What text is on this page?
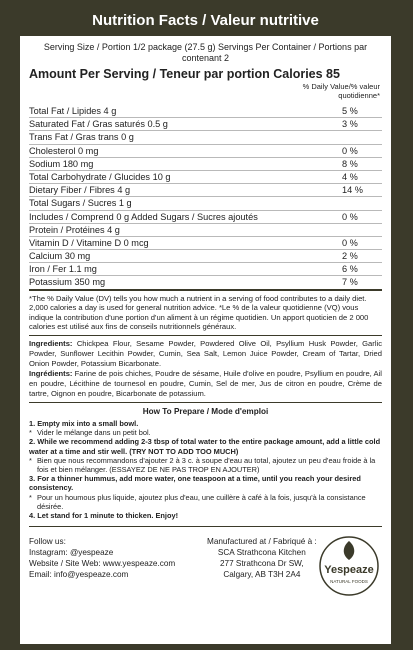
Nutrition Facts / Valeur nutritive
Serving Size / Portion 1/2 package (27.5 g) Servings Per Container / Portions par contenant 2
Amount Per Serving / Teneur par portion Calories 85
% Daily Value/% valeur
quotidienne*
Total Fat / Lipides 4 g	5 %
Saturated Fat / Gras saturés 0.5 g	3 %
Trans Fat / Gras trans 0 g
Cholesterol 0 mg	0 %
Sodium 180 mg	8 %
Total Carbohydrate / Glucides 10 g	4 %
Dietary Fiber / Fibres 4 g	14 %
Total Sugars / Sucres 1 g
Includes / Comprend 0 g Added Sugars / Sucres ajoutés	0 %
Protein / Protéines 4 g
Vitamin D / Vitamine D 0 mcg	0 %
Calcium 30 mg	2 %
Iron / Fer 1.1 mg	6 %
Potassium 350 mg	7 %
*The % Daily Value (DV) tells you how much a nutrient in a serving of food contributes to a daily diet. 2,000 calories a day is used for general nutrition advice. *Le % de la valeur quotidienne (VQ) vous indique la contribution d'une portion d'un aliment à un régime quotidien. Un apport quoticien de 2 000 calories est utilisé aux fins de conseils nutritionnels généraux.
Ingredients: Chickpea Flour, Sesame Powder, Powdered Olive Oil, Psyllium Husk Powder, Garlic Powder, Sunflower Lecithin Powder, Cumin, Sea Salt, Lemon Juice Powder, Cream of Tartar, Dried Onion Powder, Potassium Bicarbonate.
Ingrédients: Farine de pois chiches, Poudre de sésame, Huile d'olive en poudre, Psyllium en poudre, Ail en poudre, Lécithine de tournesol en poudre, Cumin, Sel de mer, Jus de citron en poudre, Crème de tartre, Oignon en poudre, Bicarbonate de potassium.
How To Prepare / Mode d'emploi
1. Empty mix into a small bowl.
* Vider le mélange dans un petit bol.
2. While we recommend adding 2-3 tbsp of total water to the entire package amount, add a little cold water at a time and stir well. (TRY NOT TO ADD TOO MUCH)
* Bien que nous recommandons d'ajouter 2 à 3 c. à soupe d'eau au total, ajoutez un peu d'eau froide à la fois et bien mélanger. (ESSAYEZ DE NE PAS TROP EN AJOUTER)
3. For a thinner hummus, add more water, one teaspoon at a time, until you reach your desired consistency.
* Pour un houmous plus liquide, ajoutez plus d'eau, une cuillère à café à la fois, jusqu'à la consistance désirée.
4. Let stand for 1 minute to thicken. Enjoy!
Follow us:
Instagram: @yespeaze
Website / Site Web: www.yespeaze.com
Email: info@yespeaze.com
Manufactured at / Fabriqué à :
SCA Strathcona Kitchen
277 Strathcona Dr SW,
Calgary, AB T3H 2A4	Yespeaze
NATURAL FOODS
